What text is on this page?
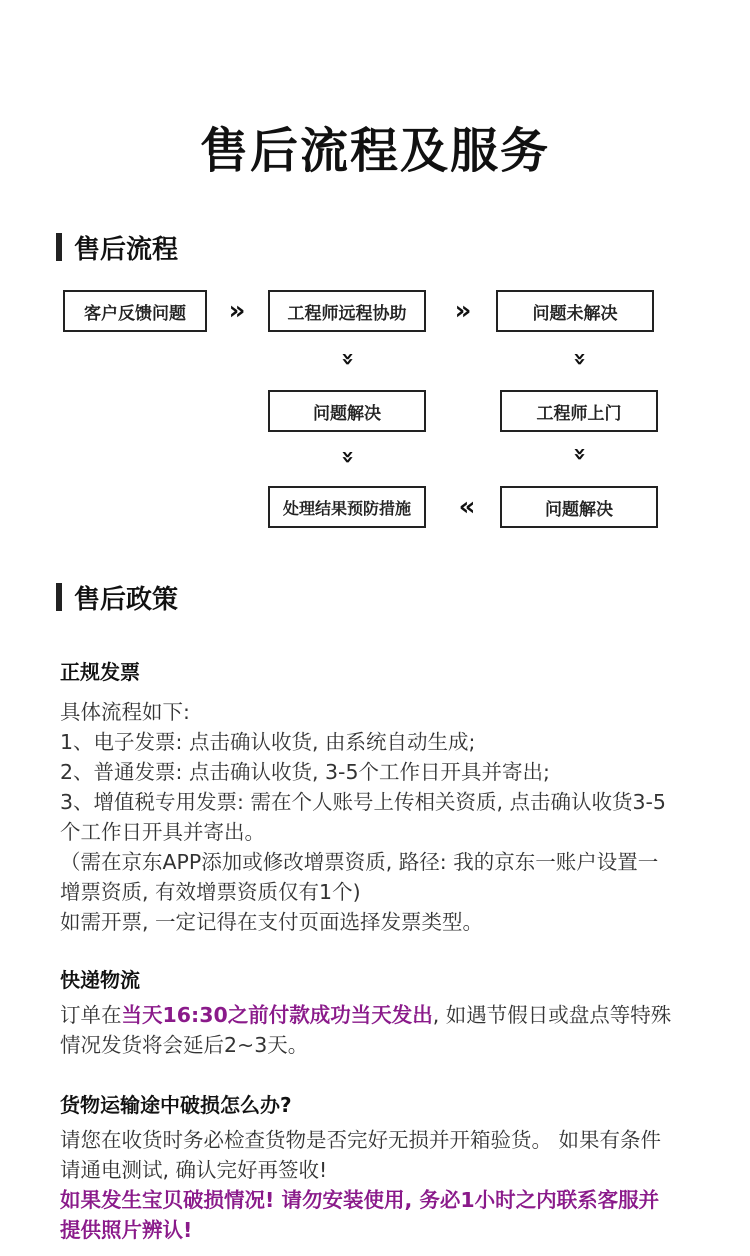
售后流程及服务
售后流程
客户反馈问题	»	工程师远程协助	»	问题未解决
»	»
问题解决	工程师上门
»	»
处理结果预防措施	«	问题解决
售后政策
正规发票

具体流程如下:

1、电子发票: 点击确认收货, 由系统自动生成;

2、普通发票: 点击确认收货, 3-5个工作日开具并寄出;

3、增值税专用发票: 需在个人账号上传相关资质, 点击确认收货3-5

个工作日开具并寄出。

（需在京东APP添加或修改增票资质, 路径: 我的京东一账户设置一

增票资质, 有效增票资质仅有1个)

如需开票, 一定记得在支付页面选择发票类型。

快递物流

订单在当天16:30之前付款成功当天发出, 如遇节假日或盘点等特殊

情况发货将会延后2~3天。

货物运输途中破损怎么办?

请您在收货时务必检查货物是否完好无损并开箱验货。 如果有条件

请通电测试, 确认完好再签收!

如果发生宝贝破损情况! 请勿安装使用, 务必1小时之内联系客服并

提供照片辨认!
